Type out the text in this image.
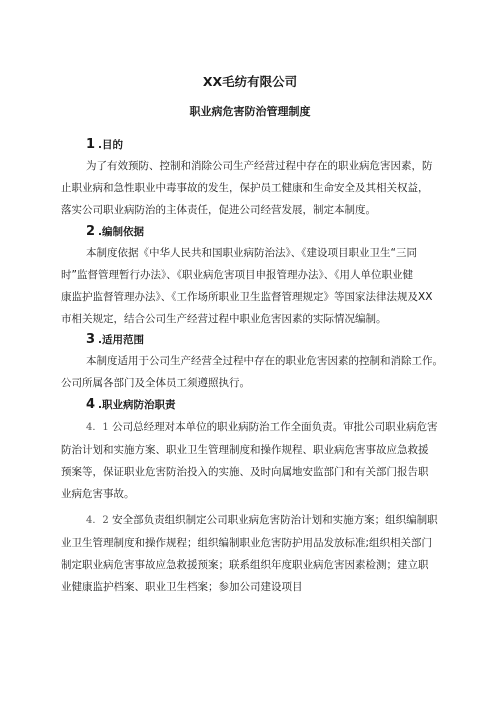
XX毛纺有限公司
职业病危害防治管理制度
1 .目的
为了有效预防、控制和消除公司生产经营过程中存在的职业病危害因素，防
止职业病和急性职业中毒事故的发生，保护员工健康和生命安全及其相关权益，
落实公司职业病防治的主体责任，促进公司经营发展，制定本制度。
2 .编制依据
本制度依据《中华人民共和国职业病防治法》、《建设项目职业卫生“三同
时”监督管理暂行办法》、《职业病危害项目申报管理办法》、《用人单位职业健
康监护监督管理办法》、《工作场所职业卫生监督管理规定》等国家法律法规及XX
市相关规定，结合公司生产经营过程中职业危害因素的实际情况编制。
3 .适用范围
本制度适用于公司生产经营全过程中存在的职业危害因素的控制和消除工作。
公司所属各部门及全体员工须遵照执行。
4 .职业病防治职责
4．1 公司总经理对本单位的职业病防治工作全面负责。审批公司职业病危害
防治计划和实施方案、职业卫生管理制度和操作规程、职业病危害事故应急救援
预案等，保证职业危害防治投入的实施、及时向属地安监部门和有关部门报告职
业病危害事故。
4．2 安全部负责组织制定公司职业病危害防治计划和实施方案；组织编制职
业卫生管理制度和操作规程；组织编制职业危害防护用品发放标准;组织相关部门
制定职业病危害事故应急救援预案；联系组织年度职业病危害因素检测；建立职
业健康监护档案、职业卫生档案；参加公司建设项目
